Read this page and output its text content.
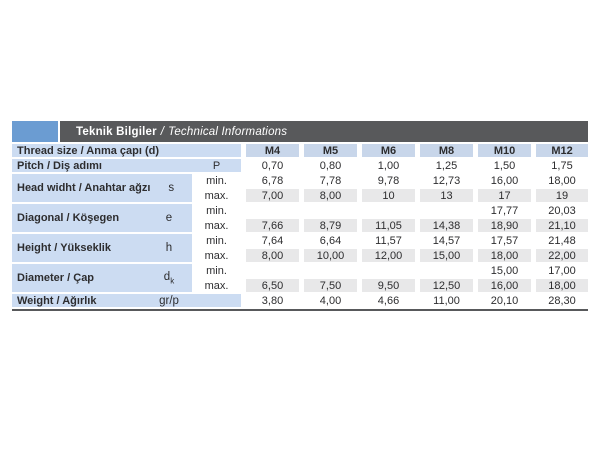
Teknik Bilgiler / Technical Informations
Thread size / Anma çapı (d)		M4	M5	M6	M8	M10	M12

Pitch / Diş adımı P		0,70	0,80	1,00	1,25	1,50	1,75

Head widht / Anahtar ağzı s	min.	6,78	7,78	9,78	12,73	16,00	18,00
	max.	7,00	8,00	10	13	17	19

Diagonal / Köşegen e	min.					17,77	20,03
	max.	7,66	8,79	11,05	14,38	18,90	21,10

Height / Yükseklik h	min.	7,64	6,64	11,57	14,57	17,57	21,48
	max.	8,00	10,00	12,00	15,00	18,00	22,00

Diameter / Çap $d_k$	min.					15,00	17,00
	max.	6,50	7,50	9,50	12,50	16,00	18,00

Weight / Ağırlık gr/p		3,80	4,00	4,66	11,00	20,10	28,30
